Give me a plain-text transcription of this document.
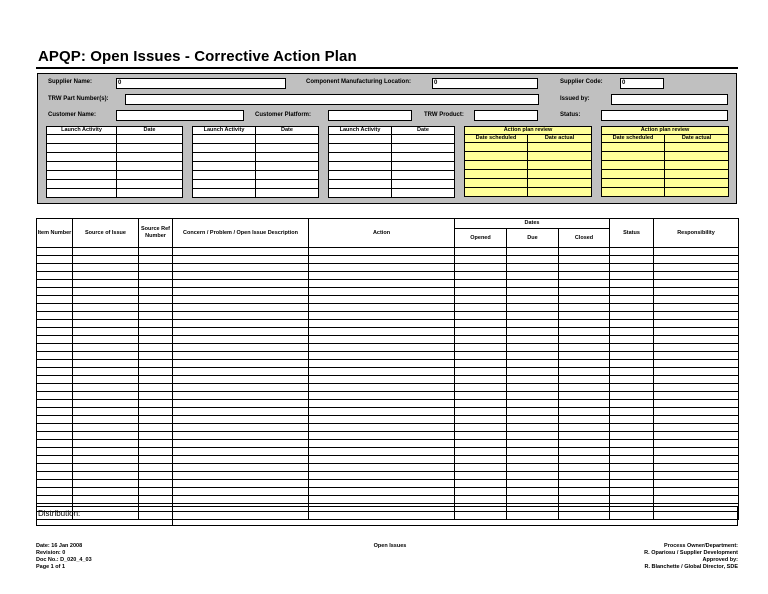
APQP: Open Issues - Corrective Action Plan
Supplier Name:	0	Component Manufacturing Location:	0	Supplier Code:	0
TRW Part Number(s):	Issued by:
Customer Name:	Customer Platform:	TRW Product:	Status:
Launch Activity	Date

		Launch Activity	Date

		Launch Activity	Date

		Action plan review	
Date scheduled	Date actual

Action plan review	
Date scheduled	Date actual

Item Number	Source of Issue	Source Ref Number	Concern / Problem / Open Issue Description	Action	Dates			Status	Responsibility
					Opened	Due	Closed		

Distribution:
Date: 16 Jan 2008
Revision: 0
Doc No.: D_020_4_03
Page 1 of 1
Open Issues	Process Owner/Department:
R. Opariosu / Supplier Development
Approved by:
R. Blanchette / Global Director, SDE
